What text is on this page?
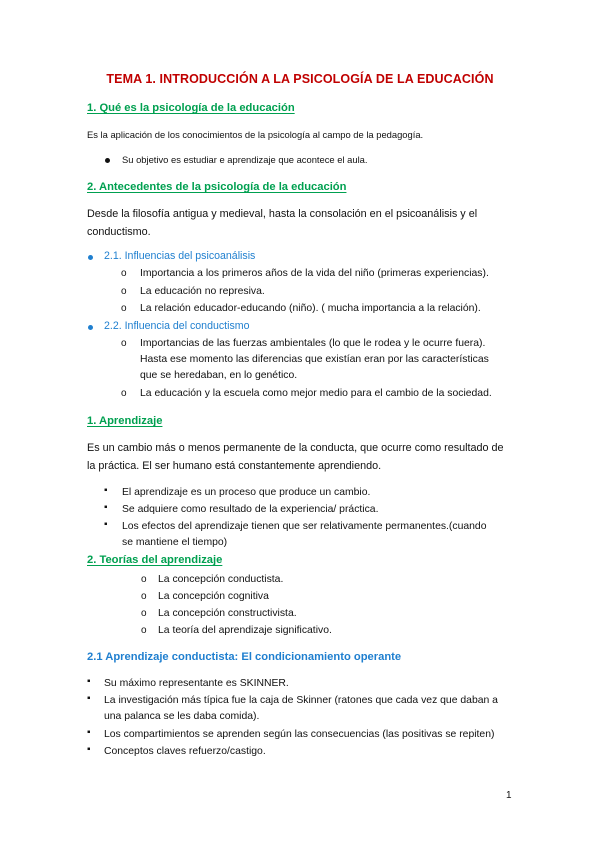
TEMA 1. INTRODUCCIÓN A LA PSICOLOGÍA DE LA EDUCACIÓN
1. Qué es la psicología de la educación
Es la aplicación de los conocimientos de la psicología al campo de la pedagogía.
Su objetivo es estudiar e aprendizaje que acontece el aula.
2. Antecedentes de la psicología de la educación
Desde la filosofía antigua y medieval, hasta la consolación en el psicoanálisis y el
conductismo.
2.1. Influencias del psicoanálisis
o Importancia a los primeros años de la vida del niño (primeras experiencias).
o La educación no represiva.
o La relación educador-educando (niño). ( mucha importancia a la relación).
2.2. Influencia del conductismo
o Importancias de las fuerzas ambientales (lo que le rodea y le ocurre fuera).
Hasta ese momento las diferencias que existían eran por las características
que se heredaban, en lo genético.
o La educación y la escuela como mejor medio para el cambio de la sociedad.
1. Aprendizaje
Es un cambio más o menos permanente de la conducta, que ocurre como resultado de
la práctica. El ser humano está constantemente aprendiendo.
▪ El aprendizaje es un proceso que produce un cambio.
▪ Se adquiere como resultado de la experiencia/ práctica.
▪ Los efectos del aprendizaje tienen que ser relativamente permanentes.(cuando
se mantiene el tiempo)
2. Teorías del aprendizaje
o La concepción conductista.
o La concepción cognitiva
o La concepción constructivista.
o La teoría del aprendizaje significativo.
2.1 Aprendizaje conductista: El condicionamiento operante
▪ Su máximo representante es SKINNER.
▪ La investigación más típica fue la caja de Skinner (ratones que cada vez que daban a
una palanca se les daba comida).
▪ Los compartimientos se aprenden según las consecuencias (las positivas se repiten)
▪ Conceptos claves refuerzo/castigo.
1
